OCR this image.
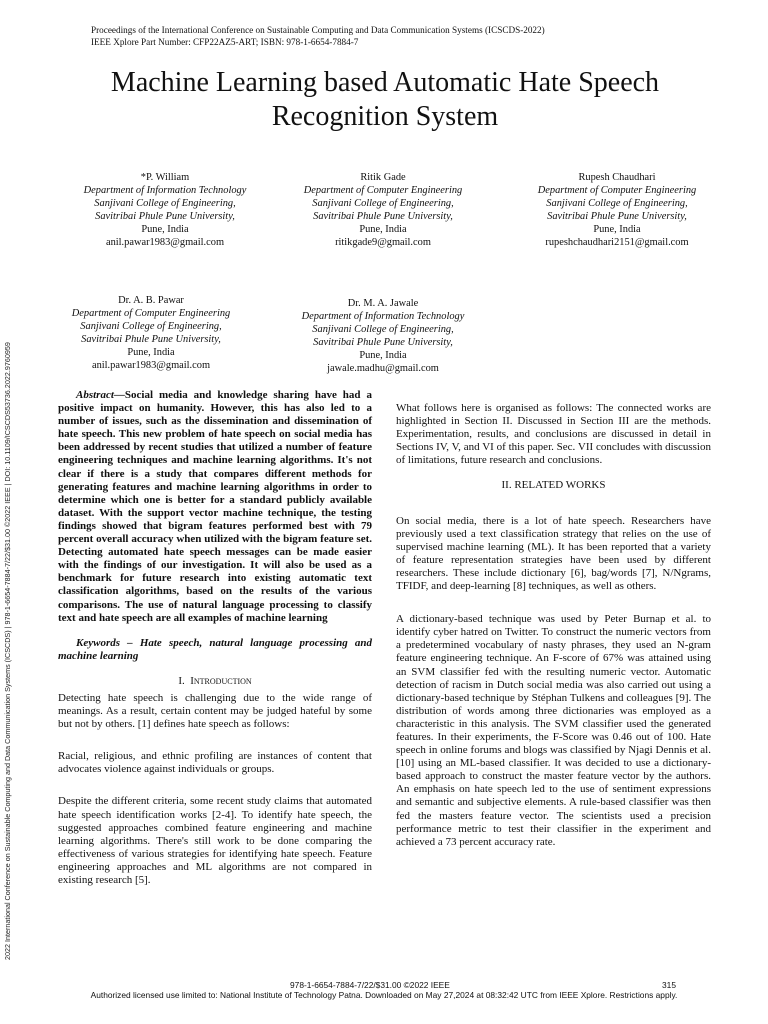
Proceedings of the International Conference on Sustainable Computing and Data Communication Systems (ICSCDS-2022)
IEEE Xplore Part Number: CFP22AZ5-ART; ISBN: 978-1-6654-7884-7
Machine Learning based Automatic Hate Speech
Recognition System
*P. William
Department of Information Technology
Sanjivani College of Engineering,
Savitribai Phule Pune University,
Pune, India
anil.pawar1983@gmail.com
Ritik Gade
Department of Computer Engineering
Sanjivani College of Engineering,
Savitribai Phule Pune University,
Pune, India
ritikgade9@gmail.com
Rupesh Chaudhari
Department of Computer Engineering
Sanjivani College of Engineering,
Savitribai Phule Pune University,
Pune, India
rupeshchaudhari2151@gmail.com
Dr. A. B. Pawar
Department of Computer Engineering
Sanjivani College of Engineering,
Savitribai Phule Pune University,
Pune, India
anil.pawar1983@gmail.com
Dr. M. A. Jawale
Department of Information Technology
Sanjivani College of Engineering,
Savitribai Phule Pune University,
Pune, India
jawale.madhu@gmail.com
2022 International Conference on Sustainable Computing and Data Communication Systems (ICSCDS) | 978-1-6654-7884-7/22/$31.00 ©2022 IEEE | DOI: 10.1109/ICSCDS53736.2022.9760959	Abstract—Social media and knowledge sharing have had a positive impact on humanity. However, this has also led to a number of issues, such as the dissemination and dissemination of hate speech. This new problem of hate speech on social media has been addressed by recent studies that utilized a number of feature engineering techniques and machine learning algorithms. It's not clear if there is a study that compares different methods for generating features and machine learning algorithms in order to determine which one is better for a standard publicly available dataset. With the support vector machine technique, the testing findings showed that bigram features performed best with 79 percent overall accuracy when utilized with the bigram feature set. Detecting automated hate speech messages can be made easier with the findings of our investigation. It will also be used as a benchmark for future research into existing automatic text classification algorithms, based on the results of the various comparisons. The use of natural language processing to classify text and hate speech are all examples of machine learning

Keywords – Hate speech, natural language processing and machine learning

I. Introduction

Detecting hate speech is challenging due to the wide range of meanings. As a result, certain content may be judged hateful by some but not by others. [1] defines hate speech as follows:

Racial, religious, and ethnic profiling are instances of content that advocates violence against individuals or groups.

Despite the different criteria, some recent study claims that automated hate speech identification works [2-4]. To identify hate speech, the suggested approaches combined feature engineering and machine learning algorithms. There's still work to be done comparing the effectiveness of various strategies for identifying hate speech. Feature engineering approaches and ML algorithms are not compared in existing research [5].

What follows here is organised as follows: The connected works are highlighted in Section II. Discussed in Section III are the methods. Experimentation, results, and conclusions are discussed in detail in Sections IV, V, and VI of this paper. Sec. VII concludes with discussion of limitations, future research and conclusions.

II. RELATED WORKS

On social media, there is a lot of hate speech. Researchers have previously used a text classification strategy that relies on the use of supervised machine learning (ML). It has been reported that a variety of feature representation strategies have been used by different researchers. These include dictionary [6], bag/words [7], N/Ngrams, TFIDF, and deep-learning [8] techniques, as well as others.

A dictionary-based technique was used by Peter Burnap et al. to identify cyber hatred on Twitter. To construct the numeric vectors from a predetermined vocabulary of nasty phrases, they used an N-gram feature engineering technique. An F-score of 67% was attained using an SVM classifier fed with the resulting numeric vector. Automatic detection of racism in Dutch social media was also carried out using a dictionary-based technique by Stéphan Tulkens and colleagues [9]. The distribution of words among three dictionaries was employed as a characteristic in this analysis. The SVM classifier used the generated features. In their experiments, the F-Score was 0.46 out of 100. Hate speech in online forums and blogs was classified by Njagi Dennis et al. [10] using an ML-based classifier. It was decided to use a dictionary-based approach to construct the master feature vector by the authors. An emphasis on hate speech led to the use of sentiment expressions and semantic and subjective elements. A rule-based classifier was then fed the masters feature vector. The scientists used a precision performance metric to test their classifier in the experiment and achieved a 73 percent accuracy rate.

978-1-6654-7884-7/22/$31.00 ©2022 IEEE	315
Authorized licensed use limited to: National Institute of Technology Patna. Downloaded on May 27,2024 at 08:32:42 UTC from IEEE Xplore. Restrictions apply.
